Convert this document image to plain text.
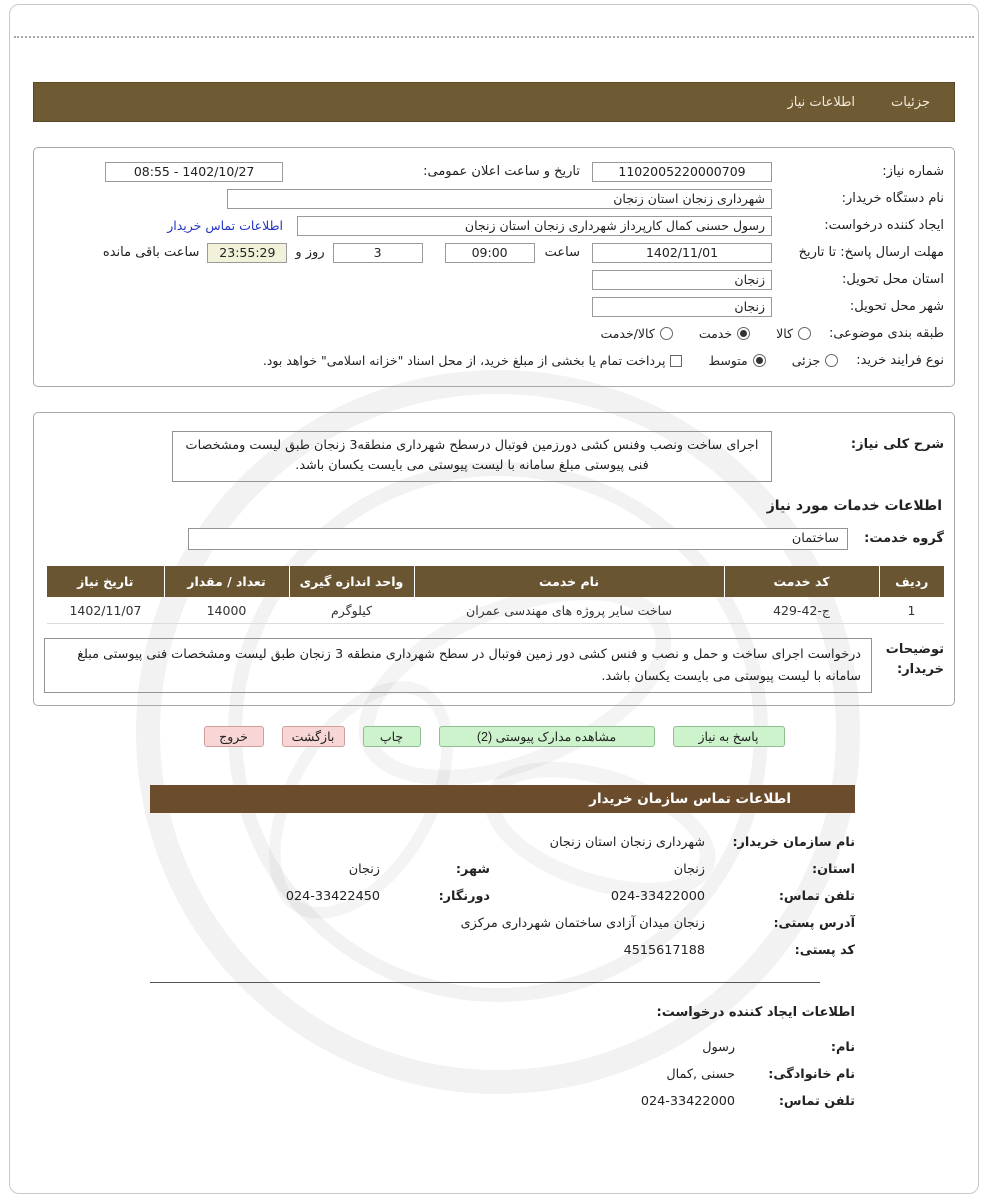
جزئیات
اطلاعات نیاز
شماره نیاز:
1102005220000709
تاریخ و ساعت اعلان عمومی:
1402/10/27 - 08:55
نام دستگاه خریدار:
شهرداری زنجان استان زنجان
ایجاد کننده درخواست:
رسول حسنی کمال کارپرداز شهرداری زنجان استان زنجان
اطلاعات تماس خریدار
مهلت ارسال پاسخ: تا تاریخ
1402/11/01
ساعت
09:00
3
روز و
23:55:29
ساعت باقی مانده
استان محل تحویل:
زنجان
شهر محل تحویل:
زنجان
طبقه بندی موضوعی:
کالا
خدمت
کالا/خدمت
نوع فرآیند خرید:
جزئی
متوسط
پرداخت تمام یا بخشی از مبلغ خرید، از محل اسناد "خزانه اسلامی" خواهد بود.
شرح کلی نیاز:
اجرای ساخت ونصب وفنس کشی دورزمین فوتبال درسطح شهرداری منطقه3 زنجان طبق لیست ومشخصات فنی پیوستی مبلغ سامانه با لیست پیوستی می بایست یکسان باشد.
اطلاعات خدمات مورد نیاز
گروه خدمت:
ساختمان
ردیف	کد خدمت	نام خدمت	واحد اندازه گیری	تعداد / مقدار	تاریخ نیاز
1	ج-42-429	ساخت سایر پروژه های مهندسی عمران	کیلوگرم	14000	1402/11/07
توضیحات خریدار:
درخواست اجرای ساخت و حمل و نصب و فنس کشی دور زمین فوتبال در سطح شهرداری منطقه 3 زنجان طبق لیست ومشخصات فنی پیوستی مبلغ سامانه با لیست پیوستی می بایست یکسان باشد.
پاسخ به نیاز
مشاهده مدارک پیوستی (2)
چاپ
بازگشت
خروج
اطلاعات تماس سازمان خریدار
نام سازمان خریدار:
شهرداری زنجان استان زنجان
استان:
زنجان
شهر:
زنجان
تلفن تماس:
024-33422000
دورنگار:
024-33422450
آدرس پستی:
زنجان میدان آزادی ساختمان شهرداری مرکزی
کد پستی:
4515617188
اطلاعات ایجاد کننده درخواست:
نام:
رسول
نام خانوادگی:
حسنی ,کمال
تلفن تماس:
024-33422000
